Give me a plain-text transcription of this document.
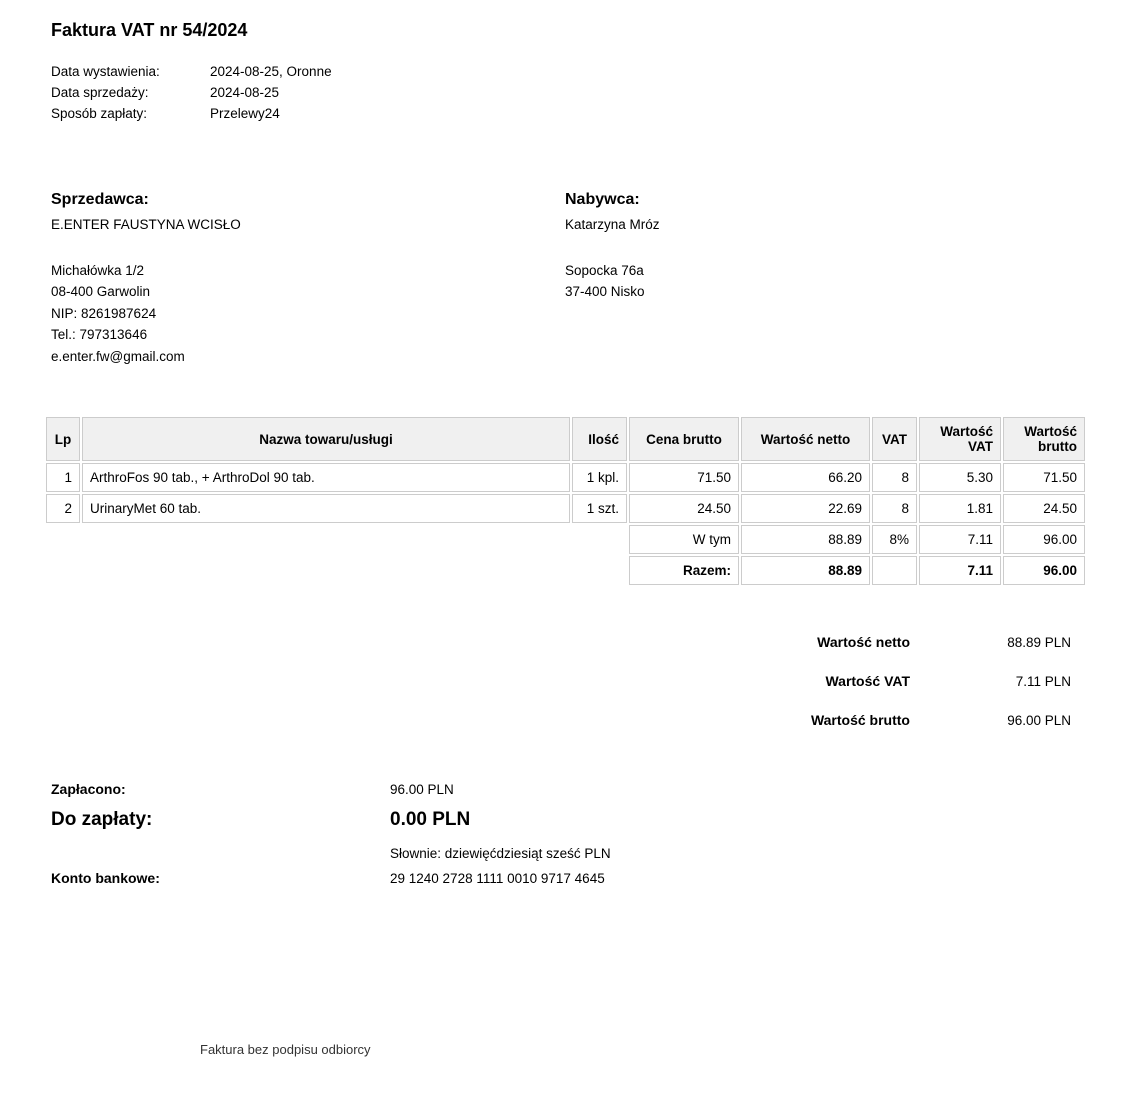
Faktura VAT nr 54/2024
Data wystawienia:	2024-08-25, Oronne
Data sprzedaży:	2024-08-25
Sposób zapłaty:	Przelewy24
Sprzedawca:
E.ENTER FAUSTYNA WCISŁO
Michałówka 1/2
08-400 Garwolin
NIP: 8261987624
Tel.: 797313646
e.enter.fw@gmail.com
Nabywca:
Katarzyna Mróz
Sopocka 76a
37-400 Nisko
Lp	Nazwa towaru/usługi	Ilość	Cena brutto	Wartość netto	VAT	Wartość VAT	Wartość brutto
1	ArthroFos 90 tab., + ArthroDol 90 tab.	1 kpl.	71.50	66.20	8	5.30	71.50
2	UrinaryMet 60 tab.	1 szt.	24.50	22.69	8	1.81	24.50
			W tym	88.89	8%	7.11	96.00
			Razem:	88.89		7.11	96.00
Wartość netto	88.89 PLN
Wartość VAT	7.11 PLN
Wartość brutto	96.00 PLN
Zapłacono:	96.00 PLN
Do zapłaty:	0.00 PLN
Słownie: dziewięćdziesiąt sześć PLN
Konto bankowe:	29 1240 2728 1111 0010 9717 4645
Faktura bez podpisu odbiorcy
